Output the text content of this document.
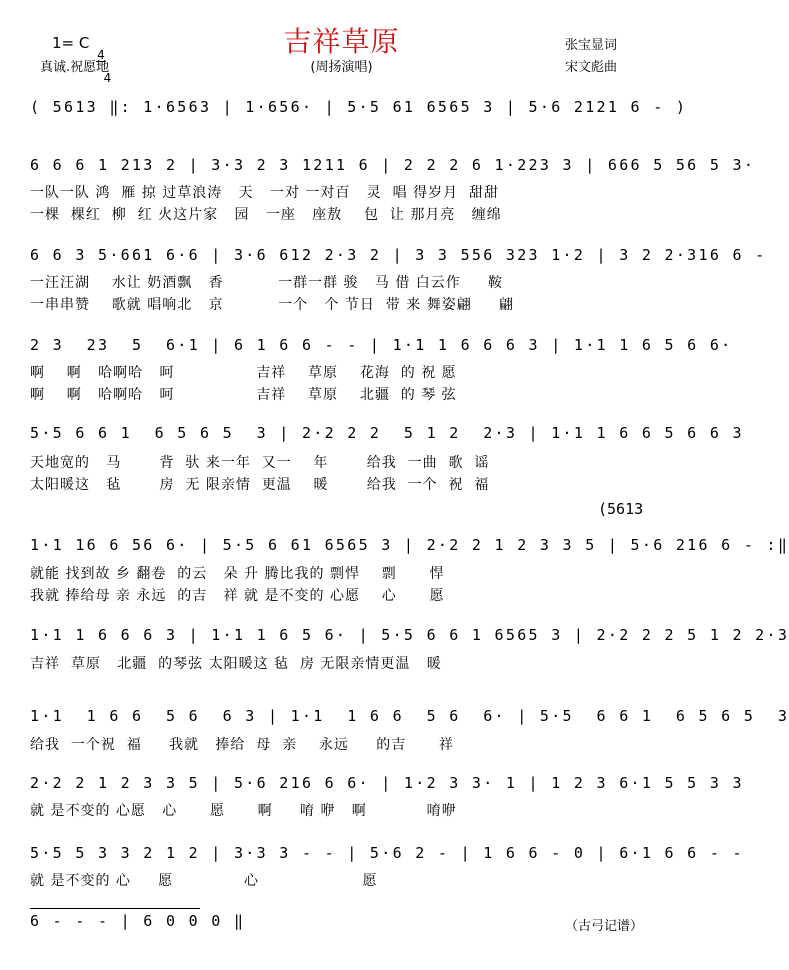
吉祥草原
(周扬演唱)
1= C

4

4

真诚.祝愿地
张宝显词
宋文彪曲
( 5613 ‖: 1·6563 | 1·656· | 5·5 61 6565 3 | 5·6 2121 6 - )
6 6 6 1 213 2 | 3·3 2 3 1211 6 | 2 2 2 6 1·223 3 | 666 5 56 5 3·
6 6 3 5·661 6·6 | 3·6 612 2·3 2 | 3 3 556 323 1·2 | 3 2 2·316 6 -
2 3  23  5  6·1 | 6 1 6 6 - - | 1·1 1 6 6 6 3 | 1·1 1 6 5 6 6·
5·5 6 6 1  6 5 6 5  3 | 2·2 2 2  5 1 2  2·3 | 1·1 1 6 6 5 6 6 3
(5613
1·1 16 6 56 6· | 5·5 6 61 6565 3 | 2·2 2 1 2 3 3 5 | 5·6 216 6 - :‖
1·1 1 6 6 6 3 | 1·1 1 6 5 6· | 5·5 6 6 1 6565 3 | 2·2 2 2 5 1 2 2·3
1·1  1 6 6  5 6  6 3 | 1·1  1 6 6  5 6  6· | 5·5  6 6 1  6 5 6 5  3
2·2 2 1 2 3 3 5 | 5·6 216 6 6· | 1·2 3 3· 1 | 1 2 3 6·1 5 5 3 3
5·5 5 3 3 2 1 2 | 3·3 3 - - | 5·6 2 - | 1 6 6 - 0 | 6·1 6 6 - -
一队一队 鸿  雁 掠 过草浪涛   天   一对 一对百   灵  唱 得岁月  甜甜
一棵  棵红  柳  红 火这片家   园   一座   座敖    包  让 那月亮   缠绵
一汪汪湖    水让 奶酒飘   香          一群一群 骏   马 借 白云作     鞍
一串串赞    歌就 唱响北   京          一个   个 节日  带 来 舞姿翩     翩
啊    啊   哈啊哈   呵               吉祥    草原    花海  的 祝 愿
啊    啊   哈啊哈   呵               吉祥    草原    北疆  的 琴 弦
天地宽的   马       背  驮 来一年  又一    年       给我  一曲  歌  谣
太阳暖这   毡       房  无 限亲情  更温    暖       给我  一个  祝  福
就能 找到故 乡 翻卷  的云   朵 升 腾比我的 剽悍    剽      悍
我就 捧给母 亲 永远  的吉   祥 就 是不变的 心愿    心      愿
吉祥  草原   北疆  的琴弦 太阳暖这 毡  房 无限亲情更温   暖
给我  一个祝  福     我就   捧给  母  亲    永远     的吉      祥
就 是不变的 心愿   心      愿      啊     唷 咿   啊           唷咿
就 是不变的 心     愿             心                   愿
6 - - - | 6 0 0 0 ‖	（古弓记谱）
